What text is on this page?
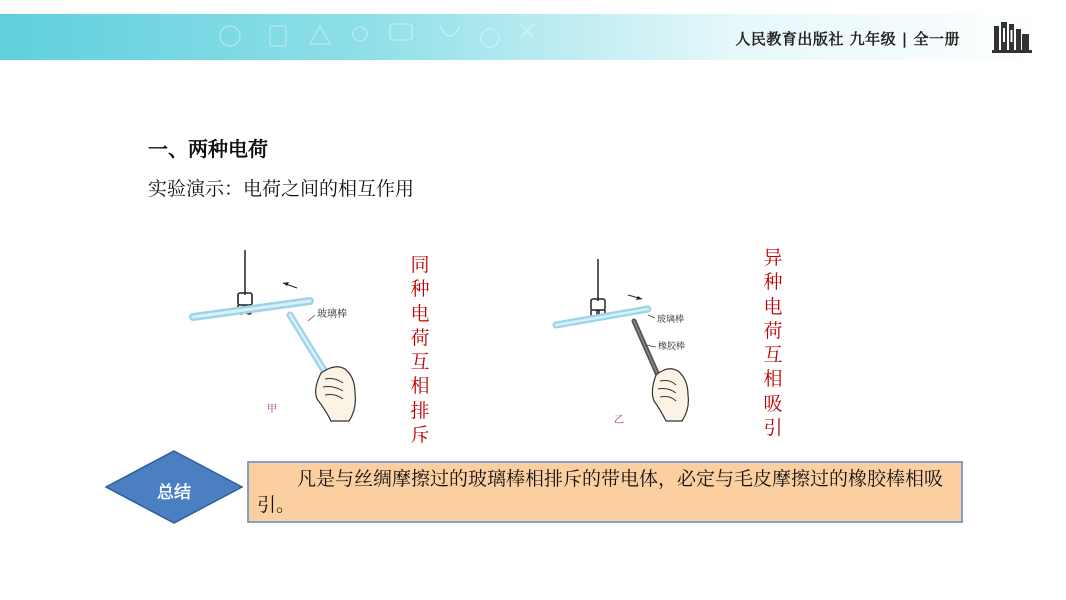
人民教育出版社 九年级 | 全一册
一、两种电荷
实验演示：电荷之间的相互作用
玻璃棒
甲
同
种
电
荷
互
相
排
斥
玻璃棒
橡胶棒
乙
异
种
电
荷
互
相
吸
引
总结
凡是与丝绸摩擦过的玻璃棒相排斥的带电体，必定与毛皮摩擦过的橡胶棒相吸引。
